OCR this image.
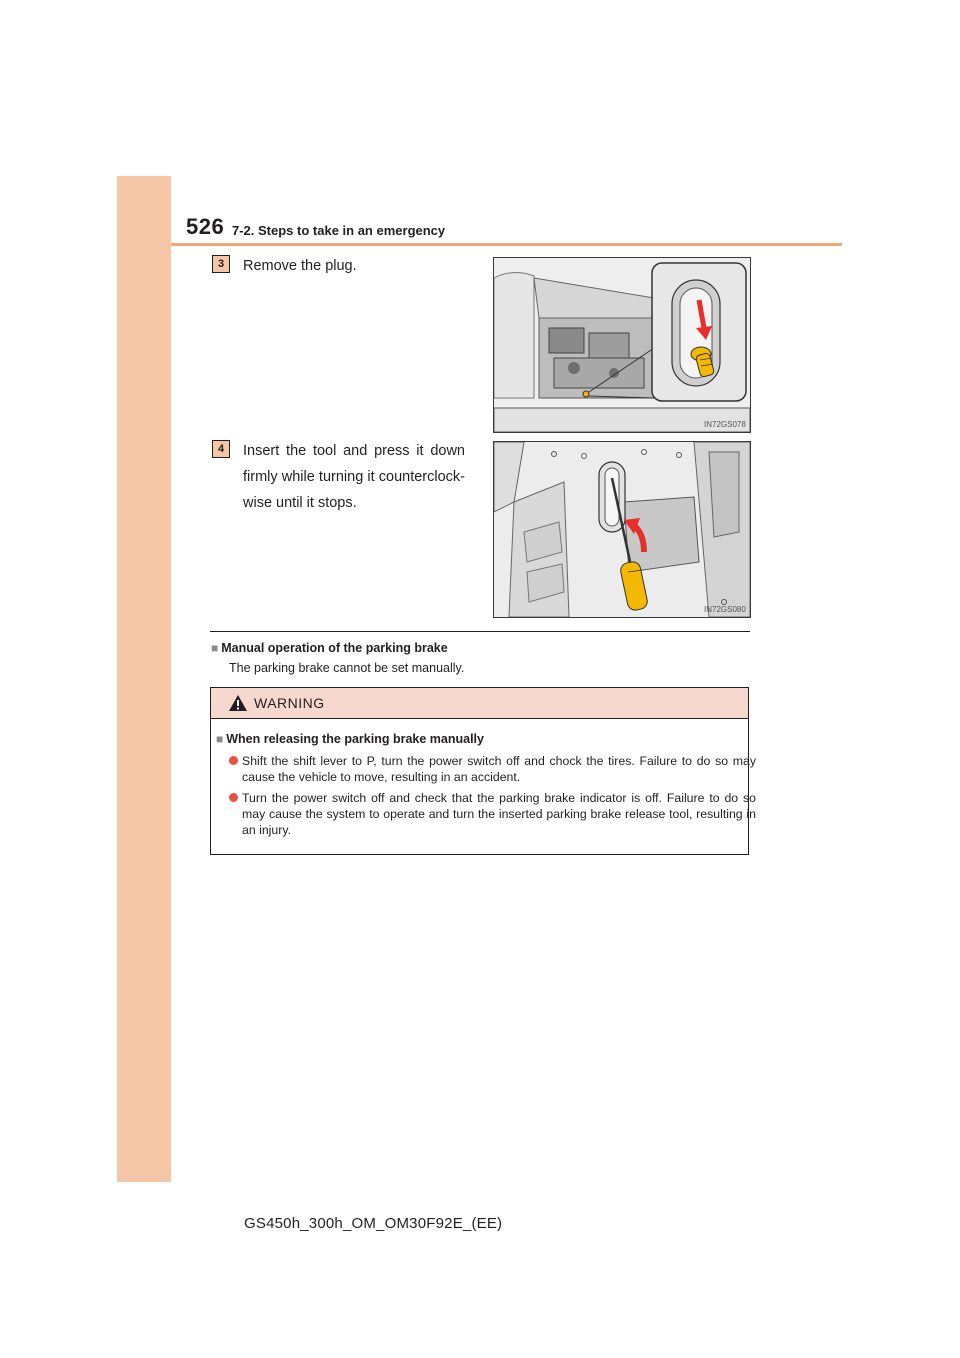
526 7-2. Steps to take in an emergency
3	Remove the plug.
IN72GS078
4	Insert the tool and press it down firmly while turning it counterclock-wise until it stops.
IN72GS080
■ Manual operation of the parking brake
The parking brake cannot be set manually.
WARNING
■ When releasing the parking brake manually
Shift the shift lever to P, turn the power switch off and chock the tires. Failure to do so may cause the vehicle to move, resulting in an accident.
Turn the power switch off and check that the parking brake indicator is off. Failure to do so may cause the system to operate and turn the inserted parking brake release tool, resulting in an injury.
GS450h_300h_OM_OM30F92E_(EE)
